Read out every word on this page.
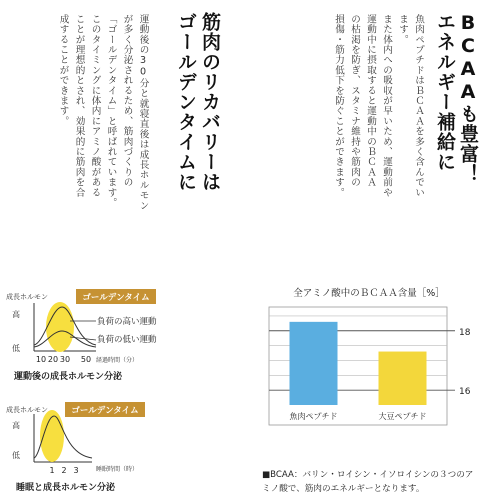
BCAAも豊富！
エネルギー補給に
魚肉ペプチドはＢＣＡＡを多く含んでい
ます。
また体内への吸収が早いため、運動前や
運動中に摂取すると運動中のＢＣＡＡ
の枯渇を防ぎ、スタミナ維持や筋肉の
損傷・筋力低下を防ぐことができます。
筋肉のリカバリーは
ゴールデンタイムに
運動後の30分と就寝直後は成長ホルモン
が多く分泌されるため、筋肉づくりの
「ゴールデンタイム」と呼ばれています。
このタイミングに体内にアミノ酸がある
ことが理想的とされ、効果的に筋肉を合
成することができます。
成長ホルモン	ゴールデンタイム
高
低
負荷の高い運動
負荷の低い運動
10 20 30 50 経過時間（分）
運動後の成長ホルモン分泌
成長ホルモン	ゴールデンタイム
高
低
1 2 3	睡眠時間（時）
睡眠と成長ホルモン分泌
全アミノ酸中のＢＣＡＡ含量［%］
16
18
魚肉ペプチド	大豆ペプチド
■BCAA：バリン・ロイシン・イソロイシンの３つのアミノ酸で、筋肉のエネルギーとなります。
